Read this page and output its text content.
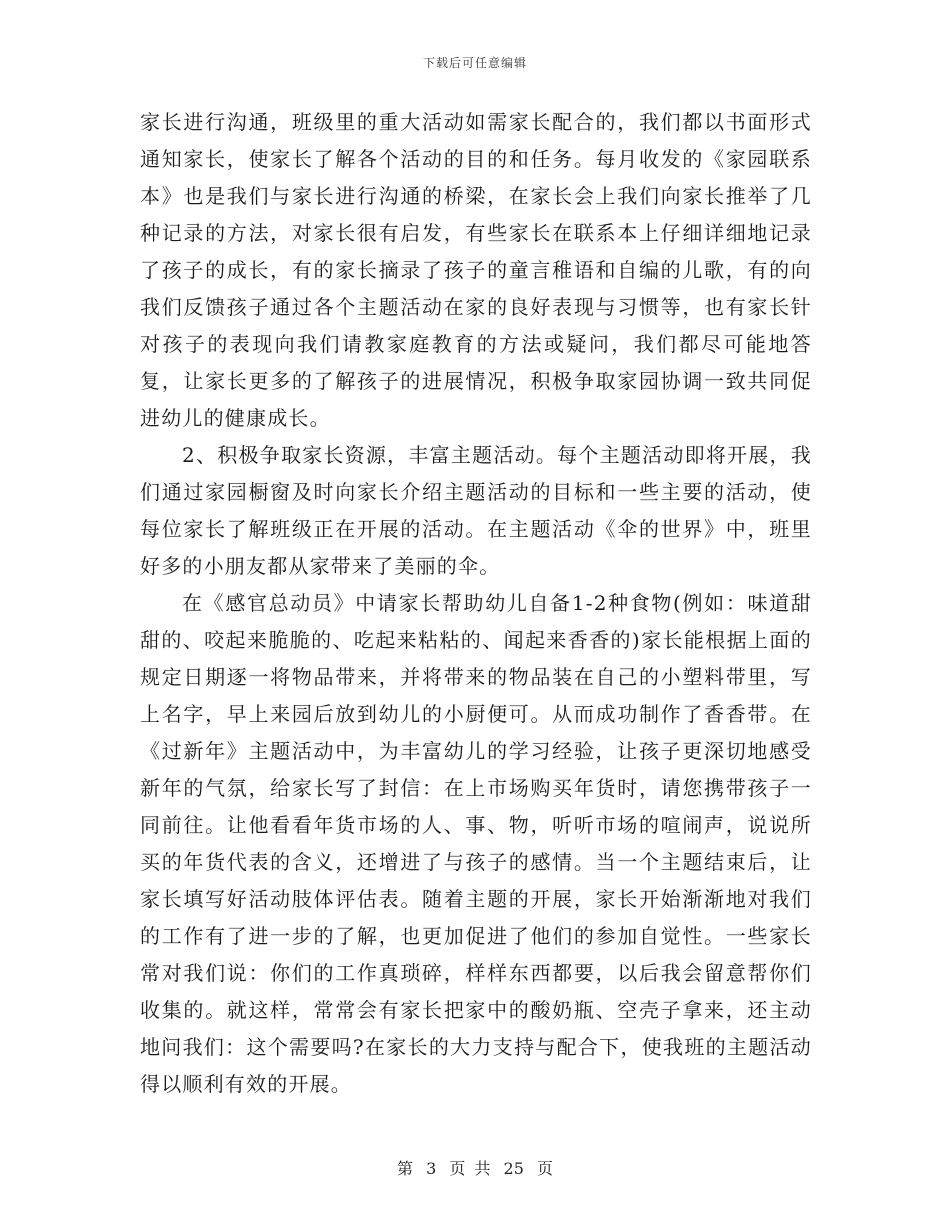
下载后可任意编辑

家长进行沟通，班级里的重大活动如需家长配合的，我们都以书面形式通知家长，使家长了解各个活动的目的和任务。每月收发的《家园联系本》也是我们与家长进行沟通的桥梁，在家长会上我们向家长推举了几种记录的方法，对家长很有启发，有些家长在联系本上仔细详细地记录了孩子的成长，有的家长摘录了孩子的童言稚语和自编的儿歌，有的向我们反馈孩子通过各个主题活动在家的良好表现与习惯等，也有家长针对孩子的表现向我们请教家庭教育的方法或疑问，我们都尽可能地答复，让家长更多的了解孩子的进展情况，积极争取家园协调一致共同促进幼儿的健康成长。

2、积极争取家长资源，丰富主题活动。每个主题活动即将开展，我们通过家园橱窗及时向家长介绍主题活动的目标和一些主要的活动，使每位家长了解班级正在开展的活动。在主题活动《伞的世界》中，班里好多的小朋友都从家带来了美丽的伞。

在《感官总动员》中请家长帮助幼儿自备1-2种食物(例如：味道甜甜的、咬起来脆脆的、吃起来粘粘的、闻起来香香的)家长能根据上面的规定日期逐一将物品带来，并将带来的物品装在自己的小塑料带里，写上名字，早上来园后放到幼儿的小厨便可。从而成功制作了香香带。在《过新年》主题活动中，为丰富幼儿的学习经验，让孩子更深切地感受新年的气氛，给家长写了封信：在上市场购买年货时，请您携带孩子一同前往。让他看看年货市场的人、事、物，听听市场的喧闹声，说说所买的年货代表的含义，还增进了与孩子的感情。当一个主题结束后，让家长填写好活动肢体评估表。随着主题的开展，家长开始渐渐地对我们的工作有了进一步的了解，也更加促进了他们的参加自觉性。一些家长常对我们说：你们的工作真琐碎，样样东西都要，以后我会留意帮你们收集的。就这样，常常会有家长把家中的酸奶瓶、空壳子拿来，还主动地问我们：这个需要吗?在家长的大力支持与配合下，使我班的主题活动得以顺利有效的开展。

第 3 页 共 25 页
